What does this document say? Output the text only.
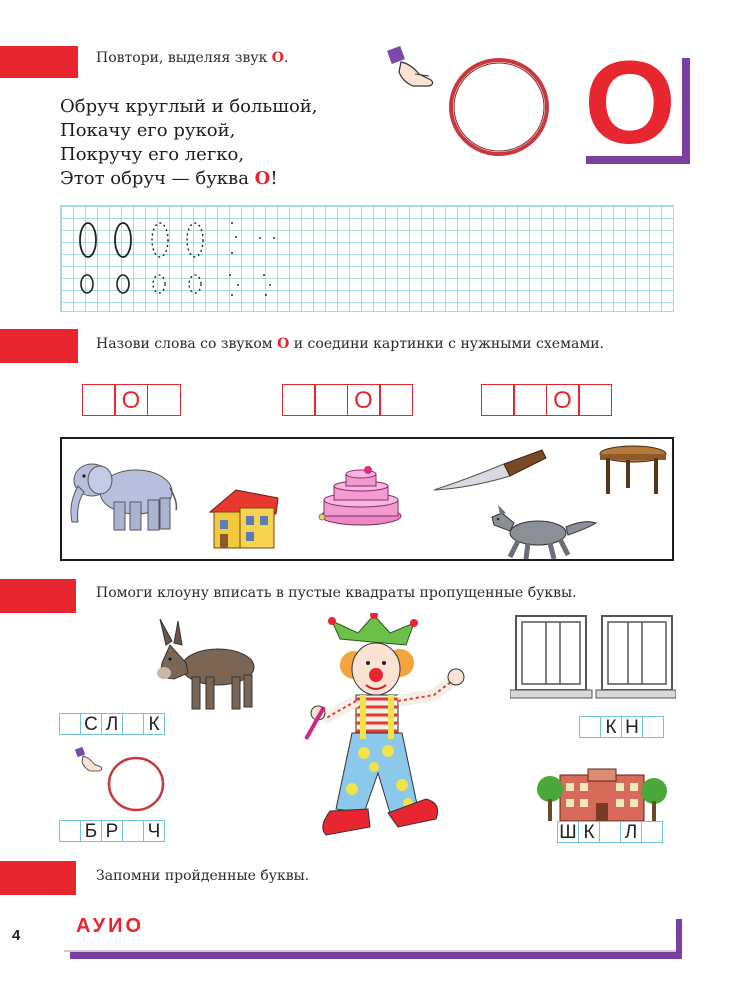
Повтори, выделяя звук О.
Обруч круглый и большой,
Покачу его рукой,
Покручу его легко,
Этот обруч — буква О!
О
Назови слова со звуком О и соедини картинки с нужными схемами.
О	О	О
Помоги клоуну вписать в пустые квадраты пропущенные буквы.
С Л К
Б Р Ч
К Н
Ш К Л
Запомни пройденные буквы.
4	АУИО
